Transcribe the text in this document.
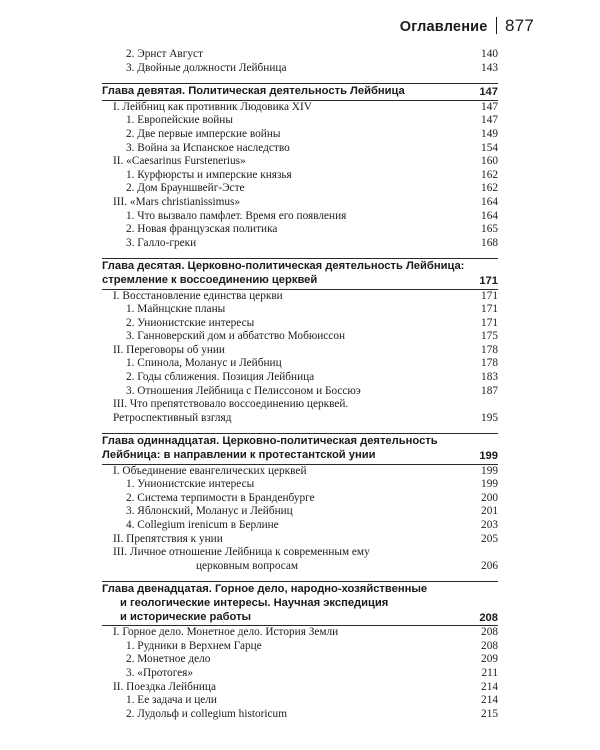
Оглавление 877
2. Эрнст Август	140
3. Двойные должности Лейбница	143
Глава девятая. Политическая деятельность Лейбница	147
I. Лейбниц как противник Людовика XIV	147
1. Европейские войны	147
2. Две первые имперские войны	149
3. Война за Испанское наследство	154
II. «Caesarinus Furstenerius»	160
1. Курфюрсты и имперские князья	162
2. Дом Брауншвейг-Эсте	162
III. «Mars christianissimus»	164
1. Что вызвало памфлет. Время его появления	164
2. Новая французская политика	165
3. Галло-греки	168
Глава десятая. Церковно-политическая деятельность Лейбница:
стремление к воссоединению церквей	171
I. Восстановление единства церкви	171
1. Майнцские планы	171
2. Унионистские интересы	171
3. Ганноверский дом и аббатство Мобюиссон	175
II. Переговоры об унии	178
1. Спинола, Моланус и Лейбниц	178
2. Годы сближения. Позиция Лейбница	183
3. Отношения Лейбница с Пелиссоном и Боссюэ	187
III. Что препятствовало воссоединению церквей.
Ретроспективный взгляд	195
Глава одиннадцатая. Церковно-политическая деятельность
Лейбница: в направлении к протестантской унии	199
I. Объединение евангелических церквей	199
1. Унионистские интересы	199
2. Система терпимости в Бранденбурге	200
3. Яблонский, Моланус и Лейбниц	201
4. Collegium irenicum в Берлине	203
II. Препятствия к унии	205
III. Личное отношение Лейбница к современным ему
церковным вопросам	206
Глава двенадцатая. Горное дело, народно-хозяйственные
и геологические интересы. Научная экспедиция
и исторические работы	208
I. Горное дело. Монетное дело. История Земли	208
1. Рудники в Верхнем Гарце	208
2. Монетное дело	209
3. «Протогея»	211
II. Поездка Лейбница	214
1. Ее задача и цели	214
2. Лудольф и collegium historicum	215
